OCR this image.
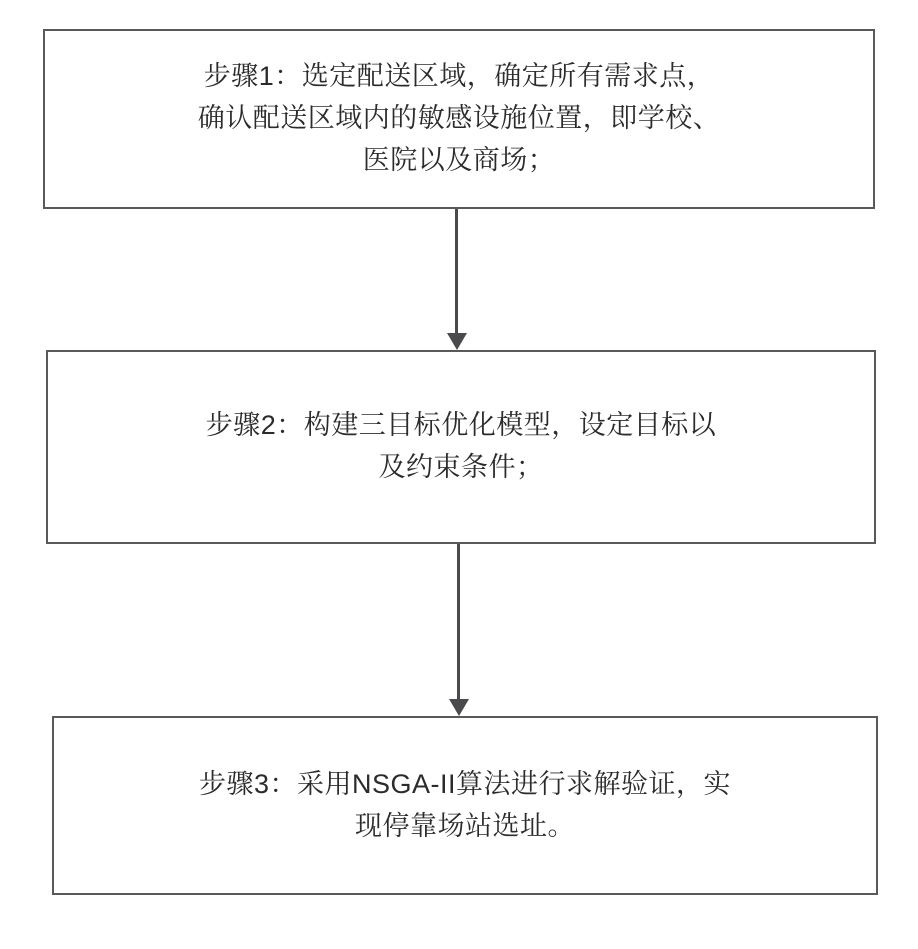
步骤1：选定配送区域，确定所有需求点，
确认配送区域内的敏感设施位置，即学校、
医院以及商场；
步骤2：构建三目标优化模型，设定目标以
及约束条件；
步骤3：采用NSGA-II算法进行求解验证，实
现停靠场站选址。
